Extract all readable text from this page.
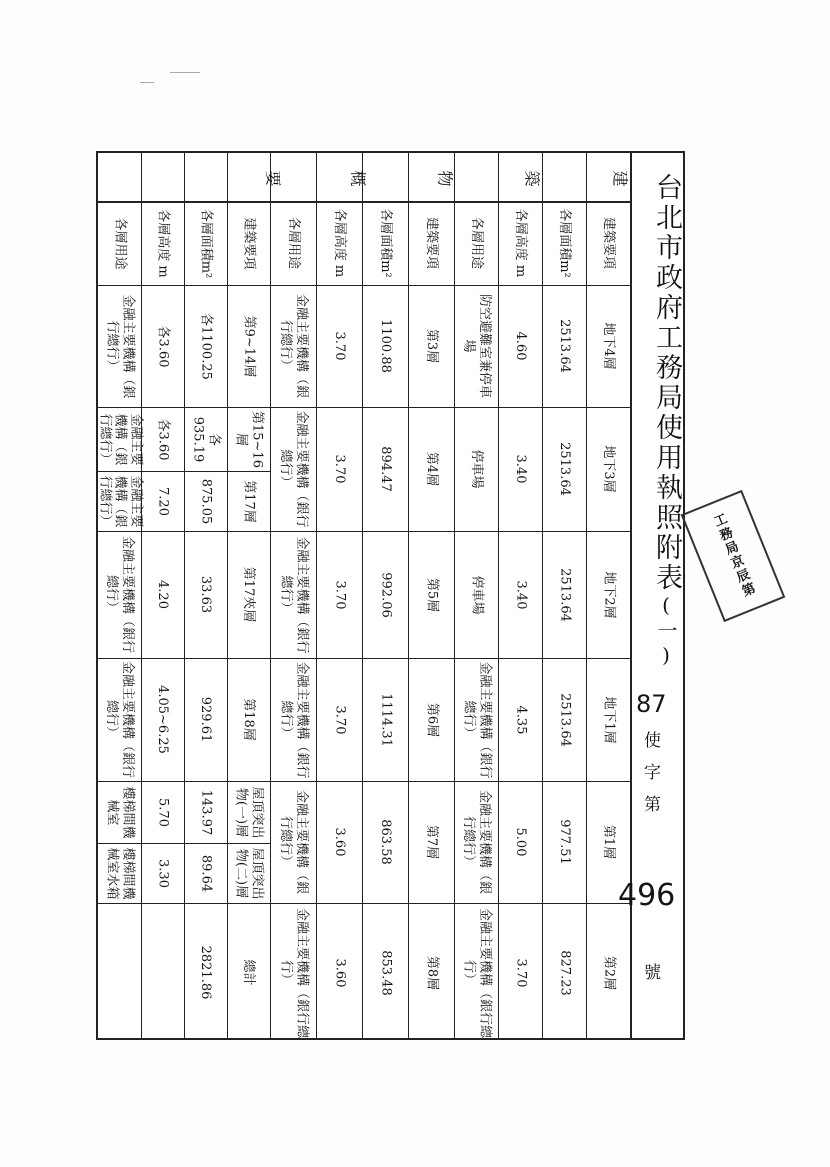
建築要項
各層面積m²
各層高度 m
各層用途
地下4層
2513.64
4.60
防空避難室兼停車場
地下3層
2513.64
3.40
停車場
地下2層
2513.64
3.40
停車場
地下1層
2513.64
4.35
金融主要機構（銀行總行）
第1層
977.51
5.00
金融主要機構（銀行總行）
第2層
827.23
3.70
金融主要機構（銀行總行）
建築要項
各層面積m²
各層高度 m
各層用途
第3層
1100.88
3.70
金融主要機構（銀行總行）
第4層
894.47
3.70
金融主要機構（銀行總行）
第5層
992.06
3.70
金融主要機構（銀行總行）
第6層
1114.31
3.70
金融主要機構（銀行總行）
第7層
863.58
3.60
金融主要機構（銀行總行）
第8層
853.48
3.60
金融主要機構（銀行總行）
建築要項
各層面積m²
各層高度 m
各層用途
第9~14層
各1100.25
各3.60
金融主要機構（銀行總行）
第15~16層
各935.19
各3.60
金融主要機構（銀行總行）
第17層
875.05
7.20
金融主要機構（銀行總行）
第17夾層
33.63
4.20
金融主要機構（銀行總行）
第18層
929.61
4.05~6.25
金融主要機構（銀行總行）
屋頂突出物(一)層
143.97
5.70
樓梯間機械室
屋頂突出物(二)層
89.64
3.30
樓梯間機械室水箱
總計
2821.86
台北市政府工務局使用執照附表(一)
建
築
物
概
要
87
使
字
第
496
號
工務局京辰第
